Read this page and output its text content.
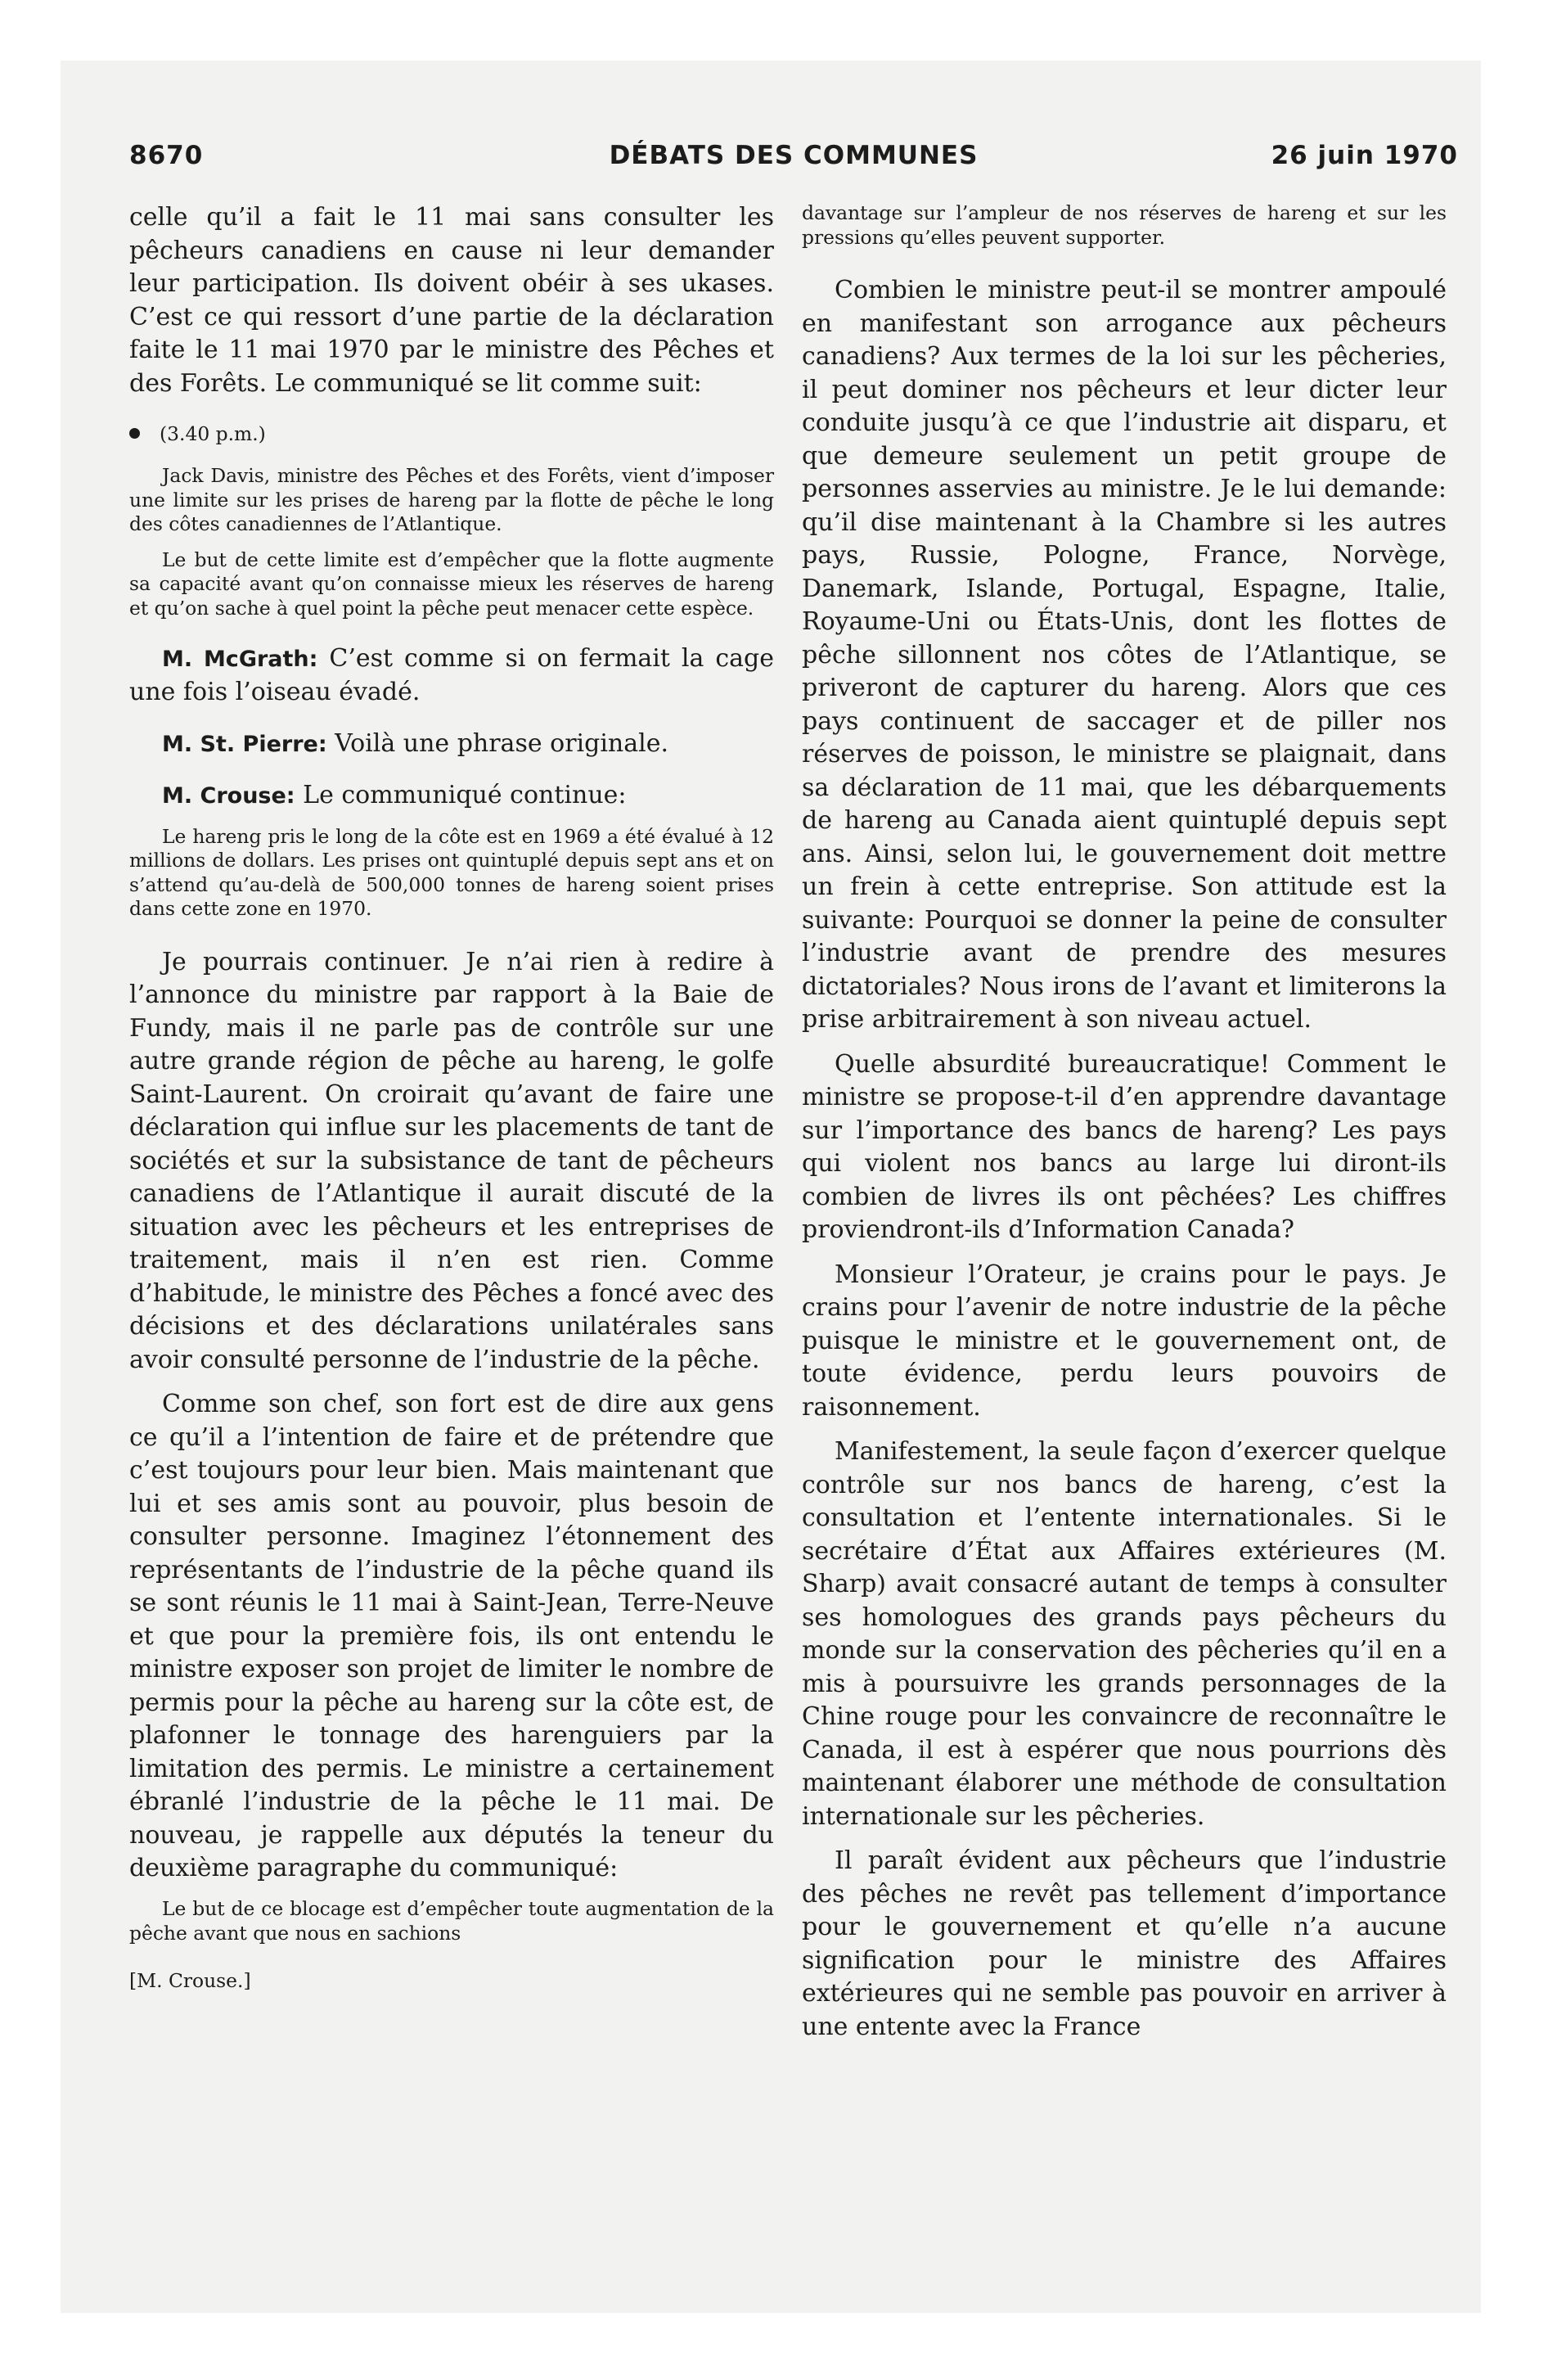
8670	DÉBATS DES COMMUNES	26 juin 1970

celle qu’il a fait le 11 mai sans consulter les pêcheurs canadiens en cause ni leur demander leur participation. Ils doivent obéir à ses ukases. C’est ce qui ressort d’une partie de la déclaration faite le 11 mai 1970 par le ministre des Pêches et des Forêts. Le communiqué se lit comme suit:

(3.40 p.m.)

Jack Davis, ministre des Pêches et des Forêts, vient d’imposer une limite sur les prises de hareng par la flotte de pêche le long des côtes canadiennes de l’Atlantique.

Le but de cette limite est d’empêcher que la flotte augmente sa capacité avant qu’on connaisse mieux les réserves de hareng et qu’on sache à quel point la pêche peut menacer cette espèce.

M. McGrath: C’est comme si on fermait la cage une fois l’oiseau évadé.

M. St. Pierre: Voilà une phrase originale.

M. Crouse: Le communiqué continue:

Le hareng pris le long de la côte est en 1969 a été évalué à 12 millions de dollars. Les prises ont quintuplé depuis sept ans et on s’attend qu’au-delà de 500,000 tonnes de hareng soient prises dans cette zone en 1970.

Je pourrais continuer. Je n’ai rien à redire à l’annonce du ministre par rapport à la Baie de Fundy, mais il ne parle pas de contrôle sur une autre grande région de pêche au hareng, le golfe Saint-Laurent. On croirait qu’avant de faire une déclaration qui influe sur les placements de tant de sociétés et sur la subsistance de tant de pêcheurs canadiens de l’Atlantique il aurait discuté de la situation avec les pêcheurs et les entreprises de traitement, mais il n’en est rien. Comme d’habitude, le ministre des Pêches a foncé avec des décisions et des déclarations unilatérales sans avoir consulté personne de l’industrie de la pêche.

Comme son chef, son fort est de dire aux gens ce qu’il a l’intention de faire et de prétendre que c’est toujours pour leur bien. Mais maintenant que lui et ses amis sont au pouvoir, plus besoin de consulter personne. Imaginez l’étonnement des représentants de l’industrie de la pêche quand ils se sont réunis le 11 mai à Saint-Jean, Terre-Neuve et que pour la première fois, ils ont entendu le ministre exposer son projet de limiter le nombre de permis pour la pêche au hareng sur la côte est, de plafonner le tonnage des harenguiers par la limitation des permis. Le ministre a certainement ébranlé l’industrie de la pêche le 11 mai. De nouveau, je rappelle aux députés la teneur du deuxième paragraphe du communiqué:

Le but de ce blocage est d’empêcher toute augmentation de la pêche avant que nous en sachions

[M. Crouse.]

davantage sur l’ampleur de nos réserves de hareng et sur les pressions qu’elles peuvent supporter.

Combien le ministre peut-il se montrer ampoulé en manifestant son arrogance aux pêcheurs canadiens? Aux termes de la loi sur les pêcheries, il peut dominer nos pêcheurs et leur dicter leur conduite jusqu’à ce que l’industrie ait disparu, et que demeure seulement un petit groupe de personnes asservies au ministre. Je le lui demande: qu’il dise maintenant à la Chambre si les autres pays, Russie, Pologne, France, Norvège, Danemark, Islande, Portugal, Espagne, Italie, Royaume-Uni ou États-Unis, dont les flottes de pêche sillonnent nos côtes de l’Atlantique, se priveront de capturer du hareng. Alors que ces pays continuent de saccager et de piller nos réserves de poisson, le ministre se plaignait, dans sa déclaration de 11 mai, que les débarquements de hareng au Canada aient quintuplé depuis sept ans. Ainsi, selon lui, le gouvernement doit mettre un frein à cette entreprise. Son attitude est la suivante: Pourquoi se donner la peine de consulter l’industrie avant de prendre des mesures dictatoriales? Nous irons de l’avant et limiterons la prise arbitrairement à son niveau actuel.

Quelle absurdité bureaucratique! Comment le ministre se propose-t-il d’en apprendre davantage sur l’importance des bancs de hareng? Les pays qui violent nos bancs au large lui diront-ils combien de livres ils ont pêchées? Les chiffres proviendront-ils d’Information Canada?

Monsieur l’Orateur, je crains pour le pays. Je crains pour l’avenir de notre industrie de la pêche puisque le ministre et le gouvernement ont, de toute évidence, perdu leurs pouvoirs de raisonnement.

Manifestement, la seule façon d’exercer quelque contrôle sur nos bancs de hareng, c’est la consultation et l’entente internationales. Si le secrétaire d’État aux Affaires extérieures (M. Sharp) avait consacré autant de temps à consulter ses homologues des grands pays pêcheurs du monde sur la conservation des pêcheries qu’il en a mis à poursuivre les grands personnages de la Chine rouge pour les convaincre de reconnaître le Canada, il est à espérer que nous pourrions dès maintenant élaborer une méthode de consultation internationale sur les pêcheries.

Il paraît évident aux pêcheurs que l’industrie des pêches ne revêt pas tellement d’importance pour le gouvernement et qu’elle n’a aucune signification pour le ministre des Affaires extérieures qui ne semble pas pouvoir en arriver à une entente avec la France
